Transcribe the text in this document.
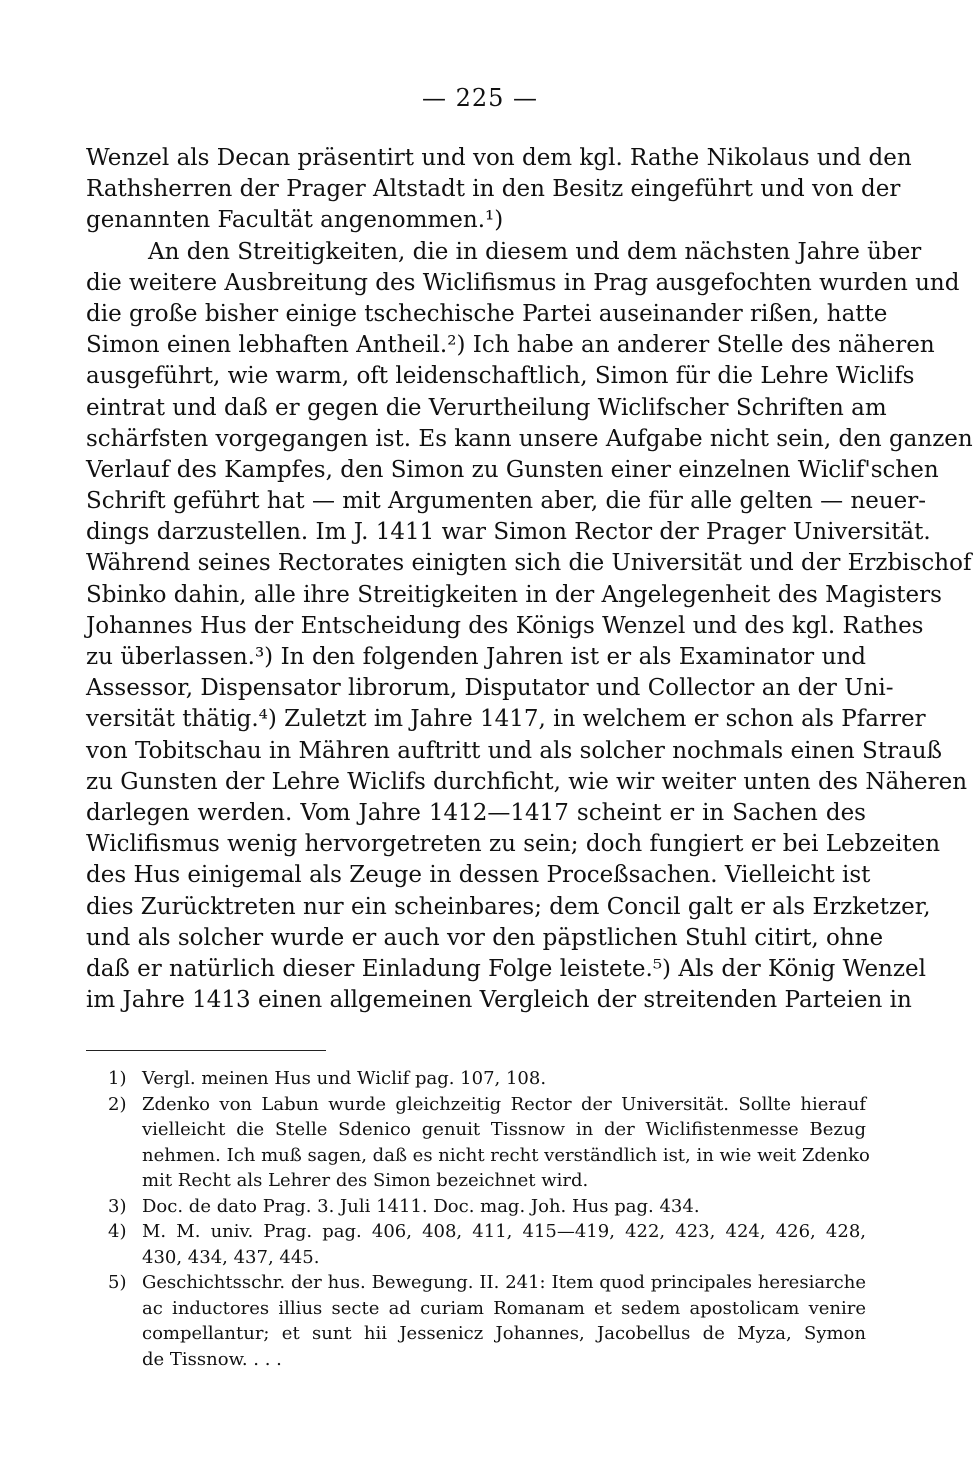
— 225 —
Wenzel als Decan präsentirt und von dem kgl. Rathe Nikolaus und den
Rathsherren der Prager Altstadt in den Besitz eingeführt und von der
genannten Facultät angenommen.¹)
An den Streitigkeiten, die in diesem und dem nächsten Jahre über
die weitere Ausbreitung des Wiclifismus in Prag ausgefochten wurden und
die große bisher einige tschechische Partei auseinander rißen, hatte
Simon einen lebhaften Antheil.²) Ich habe an anderer Stelle des näheren
ausgeführt, wie warm, oft leidenschaftlich, Simon für die Lehre Wiclifs
eintrat und daß er gegen die Verurtheilung Wiclifscher Schriften am
schärfsten vorgegangen ist. Es kann unsere Aufgabe nicht sein, den ganzen
Verlauf des Kampfes, den Simon zu Gunsten einer einzelnen Wiclif'schen
Schrift geführt hat — mit Argumenten aber, die für alle gelten — neuer-
dings darzustellen. Im J. 1411 war Simon Rector der Prager Universität.
Während seines Rectorates einigten sich die Universität und der Erzbischof
Sbinko dahin, alle ihre Streitigkeiten in der Angelegenheit des Magisters
Johannes Hus der Entscheidung des Königs Wenzel und des kgl. Rathes
zu überlassen.³) In den folgenden Jahren ist er als Examinator und
Assessor, Dispensator librorum, Disputator und Collector an der Uni-
versität thätig.⁴) Zuletzt im Jahre 1417, in welchem er schon als Pfarrer
von Tobitschau in Mähren auftritt und als solcher nochmals einen Strauß
zu Gunsten der Lehre Wiclifs durchficht, wie wir weiter unten des Näheren
darlegen werden. Vom Jahre 1412—1417 scheint er in Sachen des
Wiclifismus wenig hervorgetreten zu sein; doch fungiert er bei Lebzeiten
des Hus einigemal als Zeuge in dessen Proceßsachen. Vielleicht ist
dies Zurücktreten nur ein scheinbares; dem Concil galt er als Erzketzer,
und als solcher wurde er auch vor den päpstlichen Stuhl citirt, ohne
daß er natürlich dieser Einladung Folge leistete.⁵) Als der König Wenzel
im Jahre 1413 einen allgemeinen Vergleich der streitenden Parteien in
1) Vergl. meinen Hus und Wiclif pag. 107, 108.
2) Zdenko von Labun wurde gleichzeitig Rector der Universität. Sollte hierauf
vielleicht die Stelle Sdenico genuit Tissnow in der Wiclifistenmesse Bezug
nehmen. Ich muß sagen, daß es nicht recht verständlich ist, in wie weit Zdenko
mit Recht als Lehrer des Simon bezeichnet wird.
3) Doc. de dato Prag. 3. Juli 1411. Doc. mag. Joh. Hus pag. 434.
4) M. M. univ. Prag. pag. 406, 408, 411, 415—419, 422, 423, 424, 426, 428,
430, 434, 437, 445.
5) Geschichtsschr. der hus. Bewegung. II. 241: Item quod principales heresiarche
ac inductores illius secte ad curiam Romanam et sedem apostolicam venire
compellantur; et sunt hii Jessenicz Johannes, Jacobellus de Myza, Symon
de Tissnow. . . .
